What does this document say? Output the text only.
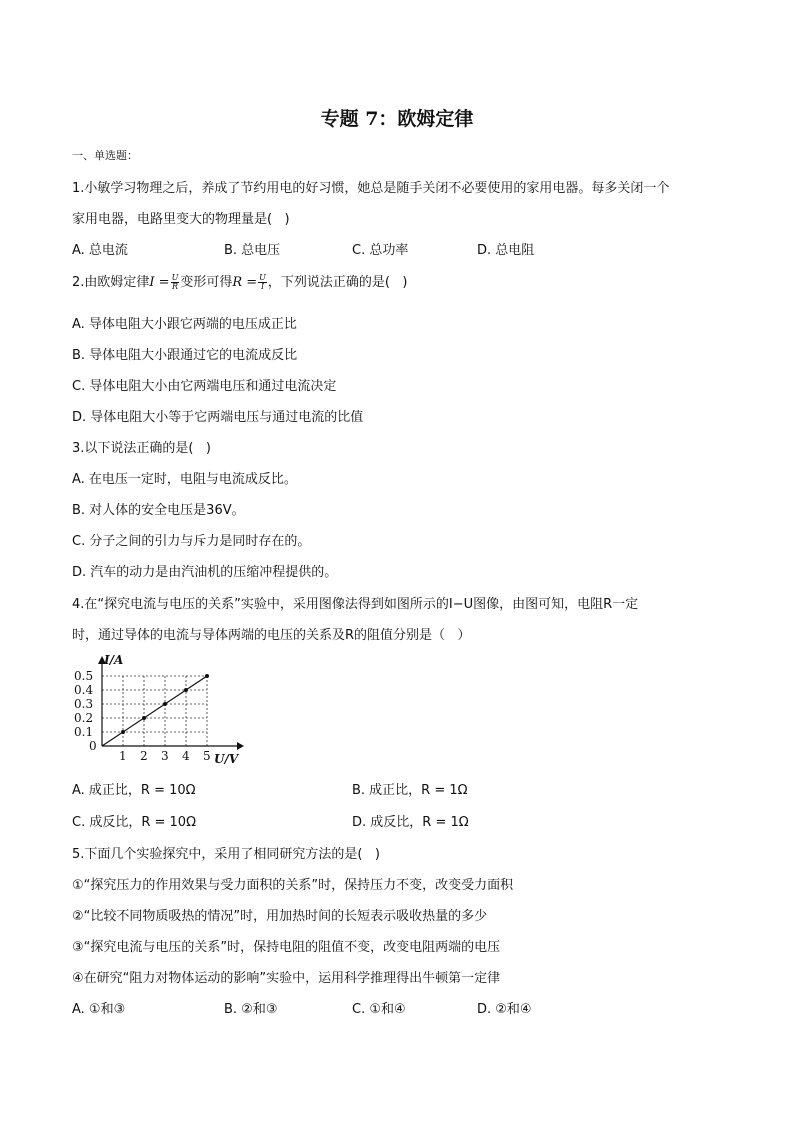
专题 7：欧姆定律
一、单选题：
1.小敏学习物理之后，养成了节约用电的好习惯，她总是随手关闭不必要使用的家用电器。每多关闭一个
家用电器，电路里变大的物理量是(   )
A. 总电流	B. 总电压	C. 总功率	D. 总电阻
2.由欧姆定律$I = \frac{U}{R}$ 变形可得$R = \frac{U}{I}$ ，下列说法正确的是(   )
A. 导体电阻大小跟它两端的电压成正比
B. 导体电阻大小跟通过它的电流成反比
C. 导体电阻大小由它两端电压和通过电流决定
D. 导体电阻大小等于它两端电压与通过电流的比值
3.以下说法正确的是(   )
A. 在电压一定时，电阻与电流成反比。
B. 对人体的安全电压是36V。
C. 分子之间的引力与斥力是同时存在的。
D. 汽车的动力是由汽油机的压缩冲程提供的。
4.在“探究电流与电压的关系”实验中，采用图像法得到如图所示的I−U图像，由图可知，电阻R一定
时，通过导体的电流与导体两端的电压的关系及R的阻值分别是（   ）
1 2 3 4 5
0.1
0.2
0.3
0.4
0.5
I/A
U/V
0
A. 成正比，R = 10Ω	B. 成正比，R = 1Ω
C. 成反比，R = 10Ω	D. 成反比，R = 1Ω
5.下面几个实验探究中，采用了相同研究方法的是(   )
①“探究压力的作用效果与受力面积的关系”时，保持压力不变，改变受力面积
②“比较不同物质吸热的情况”时，用加热时间的长短表示吸收热量的多少
③“探究电流与电压的关系”时，保持电阻的阻值不变，改变电阻两端的电压
④在研究“阻力对物体运动的影响”实验中，运用科学推理得出牛顿第一定律
A. ①和③	B. ②和③	C. ①和④	D. ②和④
